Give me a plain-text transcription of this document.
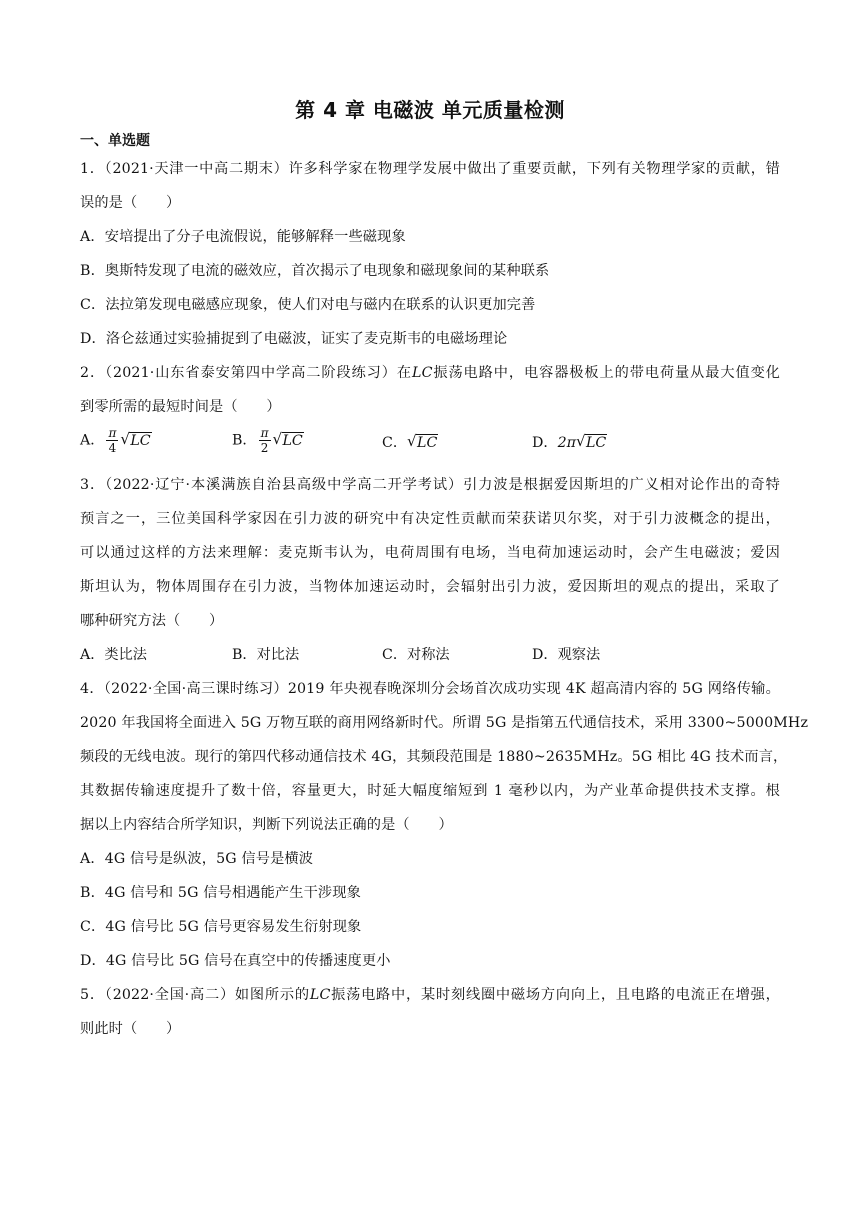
第 4 章 电磁波 单元质量检测
一、单选题
1．（2021·天津一中高二期末）许多科学家在物理学发展中做出了重要贡献，下列有关物理学家的贡献，错
误的是（　　）
A．安培提出了分子电流假说，能够解释一些磁现象
B．奥斯特发现了电流的磁效应，首次揭示了电现象和磁现象间的某种联系
C．法拉第发现电磁感应现象，使人们对电与磁内在联系的认识更加完善
D．洛仑兹通过实验捕捉到了电磁波，证实了麦克斯韦的电磁场理论
2．（2021·山东省泰安第四中学高二阶段练习）在LC振荡电路中，电容器极板上的带电荷量从最大值变化
到零所需的最短时间是（　　）
A． $\frac{\pi}{4}$ √ LC	B． $\frac{\pi}{2}$ √ LC	C． √ LC	D．2π √ LC
3．（2022·辽宁·本溪满族自治县高级中学高二开学考试）引力波是根据爱因斯坦的广义相对论作出的奇特
预言之一，三位美国科学家因在引力波的研究中有决定性贡献而荣获诺贝尔奖，对于引力波概念的提出，
可以通过这样的方法来理解：麦克斯韦认为，电荷周围有电场，当电荷加速运动时，会产生电磁波；爱因
斯坦认为，物体周围存在引力波，当物体加速运动时，会辐射出引力波，爱因斯坦的观点的提出，采取了
哪种研究方法（　　）
A．类比法	B．对比法	C．对称法	D．观察法
4．（2022·全国·高三课时练习）2019 年央视春晚深圳分会场首次成功实现 4K 超高清内容的 5G 网络传输。
2020 年我国将全面进入 5G 万物互联的商用网络新时代。所谓 5G 是指第五代通信技术，采用 3300~5000MHz
频段的无线电波。现行的第四代移动通信技术 4G，其频段范围是 1880~2635MHz。5G 相比 4G 技术而言，
其数据传输速度提升了数十倍，容量更大，时延大幅度缩短到 1 毫秒以内，为产业革命提供技术支撑。根
据以上内容结合所学知识，判断下列说法正确的是（　　）
A．4G 信号是纵波，5G 信号是横波
B．4G 信号和 5G 信号相遇能产生干涉现象
C．4G 信号比 5G 信号更容易发生衍射现象
D．4G 信号比 5G 信号在真空中的传播速度更小
5．（2022·全国·高二）如图所示的LC振荡电路中，某时刻线圈中磁场方向向上，且电路的电流正在增强，
则此时（　　）
